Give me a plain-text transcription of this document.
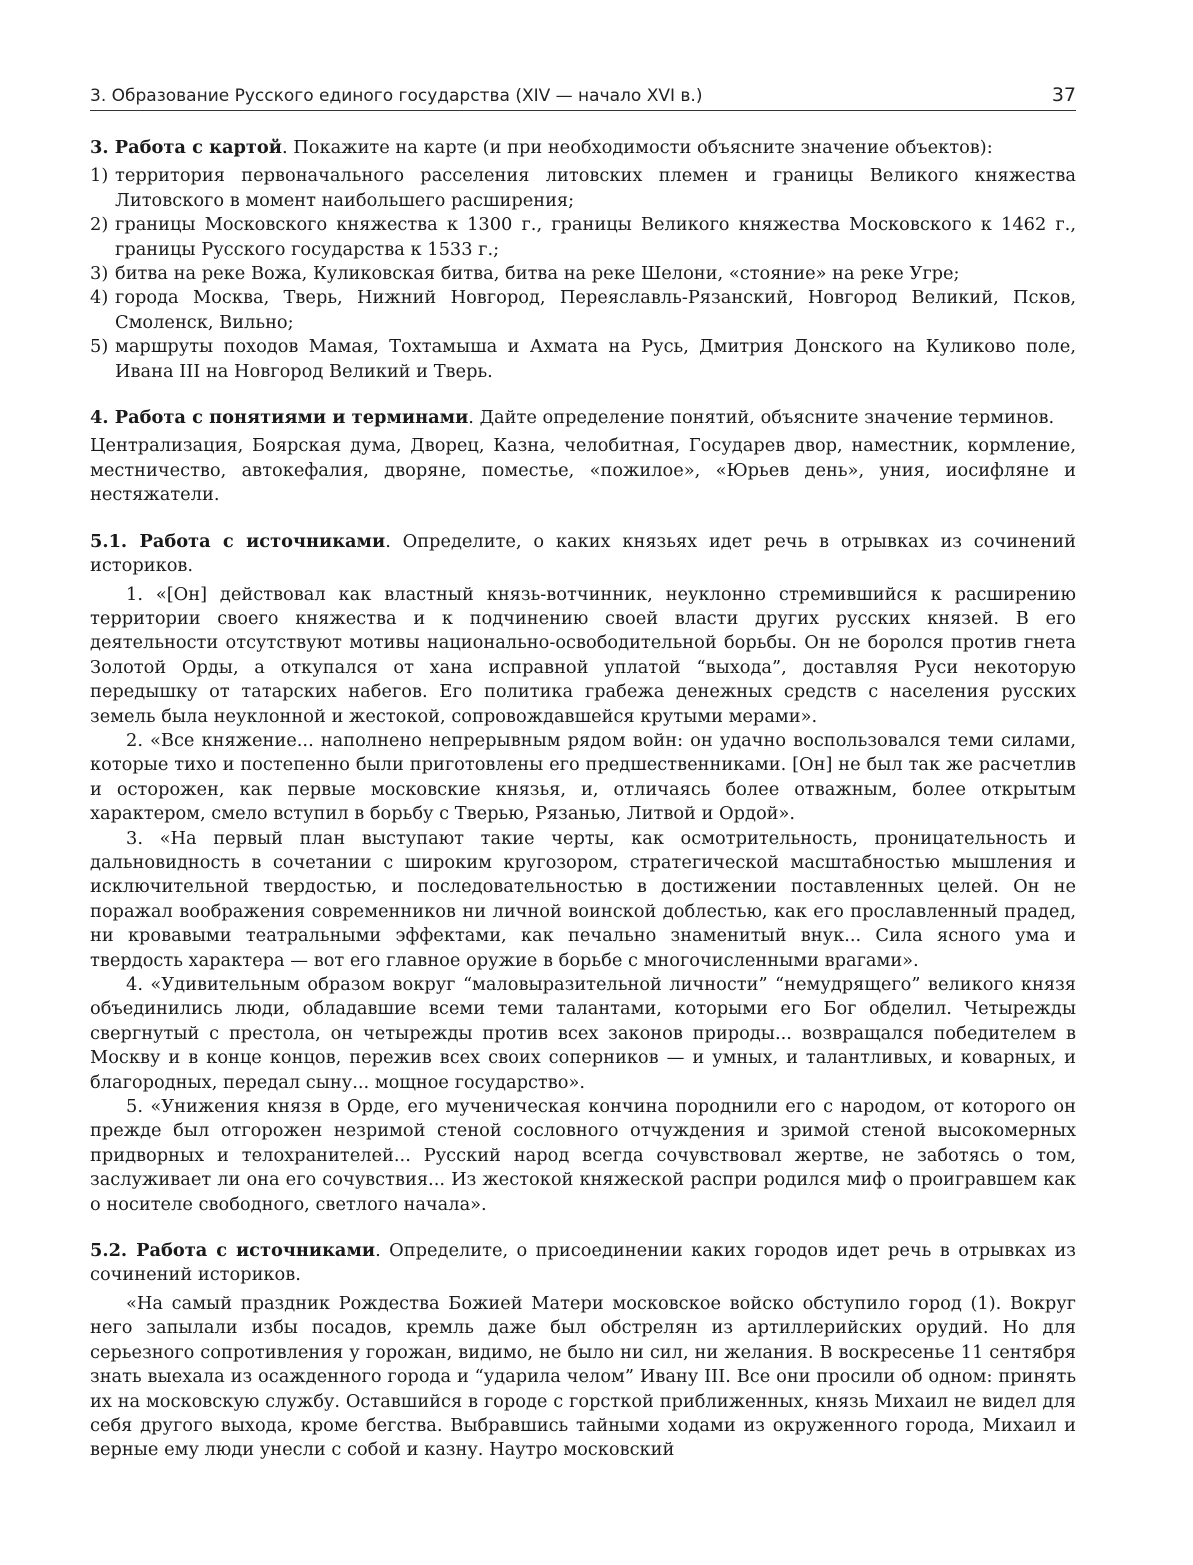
3. Образование Русского единого государства (XIV — начало XVI в.)	37

3. Работа с картой. Покажите на карте (и при необходимости объясните значение объектов):

1) территория первоначального расселения литовских племен и границы Великого княжества Литовского в момент наибольшего расширения;
2) границы Московского княжества к 1300 г., границы Великого княжества Московского к 1462 г., границы Русского государства к 1533 г.;
3) битва на реке Вожа, Куликовская битва, битва на реке Шелони, «стояние» на реке Угре;
4) города Москва, Тверь, Нижний Новгород, Переяславль-Рязанский, Новгород Великий, Псков, Смоленск, Вильно;
5) маршруты походов Мамая, Тохтамыша и Ахмата на Русь, Дмитрия Донского на Куликово поле, Ивана III на Новгород Великий и Тверь.

4. Работа с понятиями и терминами. Дайте определение понятий, объясните значение терминов.

Централизация, Боярская дума, Дворец, Казна, челобитная, Государев двор, наместник, кормление, местничество, автокефалия, дворяне, поместье, «пожилое», «Юрьев день», уния, иосифляне и нестяжатели.

5.1. Работа с источниками. Определите, о каких князьях идет речь в отрывках из сочинений историков.

1. «[Он] действовал как властный князь-вотчинник, неуклонно стремившийся к расширению территории своего княжества и к подчинению своей власти других русских князей. В его деятельности отсутствуют мотивы национально-освободительной борьбы. Он не боролся против гнета Золотой Орды, а откупался от хана исправной уплатой “выхода”, доставляя Руси некоторую передышку от татарских набегов. Его политика грабежа денежных средств с населения русских земель была неуклонной и жестокой, сопровождавшейся крутыми мерами».

2. «Все княжение... наполнено непрерывным рядом войн: он удачно воспользовался теми силами, которые тихо и постепенно были приготовлены его предшественниками. [Он] не был так же расчетлив и осторожен, как первые московские князья, и, отличаясь более отважным, более открытым характером, смело вступил в борьбу с Тверью, Рязанью, Литвой и Ордой».

3. «На первый план выступают такие черты, как осмотрительность, проницательность и дальновидность в сочетании с широким кругозором, стратегической масштабностью мышления и исключительной твердостью, и последовательностью в достижении поставленных целей. Он не поражал воображения современников ни личной воинской доблестью, как его прославленный прадед, ни кровавыми театральными эффектами, как печально знаменитый внук... Сила ясного ума и твердость характера — вот его главное оружие в борьбе с многочисленными врагами».

4. «Удивительным образом вокруг “маловыразительной личности” “немудрящего” великого князя объединились люди, обладавшие всеми теми талантами, которыми его Бог обделил. Четырежды свергнутый с престола, он четырежды против всех законов природы... возвращался победителем в Москву и в конце концов, пережив всех своих соперников — и умных, и талантливых, и коварных, и благородных, передал сыну... мощное государство».

5. «Унижения князя в Орде, его мученическая кончина породнили его с народом, от которого он прежде был отгорожен незримой стеной сословного отчуждения и зримой стеной высокомерных придворных и телохранителей... Русский народ всегда сочувствовал жертве, не заботясь о том, заслуживает ли она его сочувствия... Из жестокой княжеской распри родился миф о проигравшем как о носителе свободного, светлого начала».

5.2. Работа с источниками. Определите, о присоединении каких городов идет речь в отрывках из сочинений историков.

«На самый праздник Рождества Божией Матери московское войско обступило город (1). Вокруг него запылали избы посадов, кремль даже был обстрелян из артиллерийских орудий. Но для серьезного сопротивления у горожан, видимо, не было ни сил, ни желания. В воскресенье 11 сентября знать выехала из осажденного города и “ударила челом” Ивану III. Все они просили об одном: принять их на московскую службу. Оставшийся в городе с горсткой приближенных, князь Михаил не видел для себя другого выхода, кроме бегства. Выбравшись тайными ходами из окруженного города, Михаил и верные ему люди унесли с собой и казну. Наутро московский
